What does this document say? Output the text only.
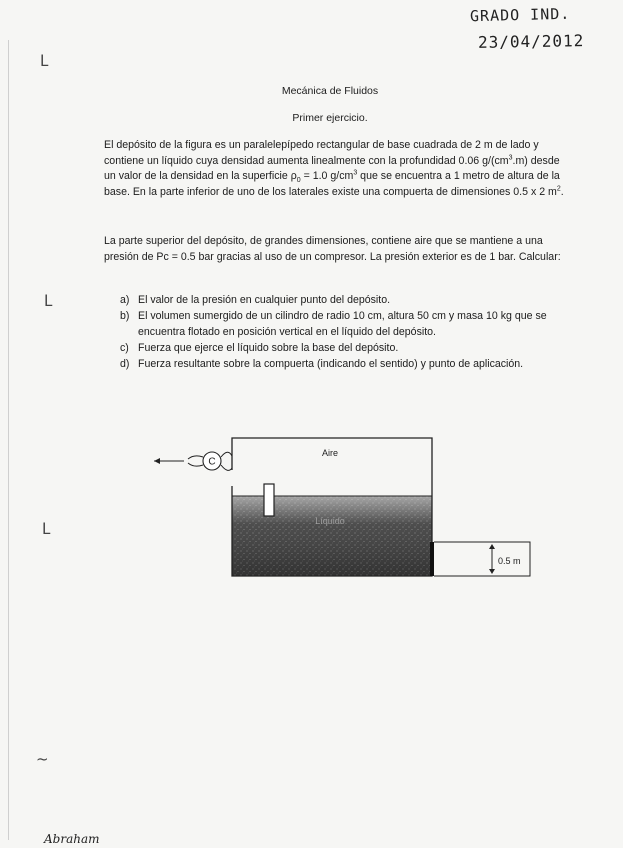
GRADO IND.
23/04/2012
ᒪ
ᒪ
ᒪ
~
Mecánica de Fluidos
Primer ejercicio.

El depósito de la figura es un paralelepípedo rectangular de base cuadrada de 2 m de lado y contiene un líquido cuya densidad aumenta linealmente con la profundidad 0.06 $g/(cm^3.m)$ desde un valor de la densidad en la superficie $\rho_0 = 1.0$ $g/cm^3$ que se encuentra a 1 metro de altura de la base. En la parte inferior de uno de los laterales existe una compuerta de dimensiones 0.5 x 2 $m^2$.

La parte superior del depósito, de grandes dimensiones, contiene aire que se mantiene a una presión de Pc = 0.5 bar gracias al uso de un compresor. La presión exterior es de 1 bar. Calcular:

a) El valor de la presión en cualquier punto del depósito.
b) El volumen sumergido de un cilindro de radio 10 cm, altura 50 cm y masa 10 kg que se encuentra flotado en posición vertical en el líquido del depósito.
c) Fuerza que ejerce el líquido sobre la base del depósito.
d) Fuerza resultante sobre la compuerta (indicando el sentido) y punto de aplicación.
Aire
Líquido
C
0.5 m
Abraham
